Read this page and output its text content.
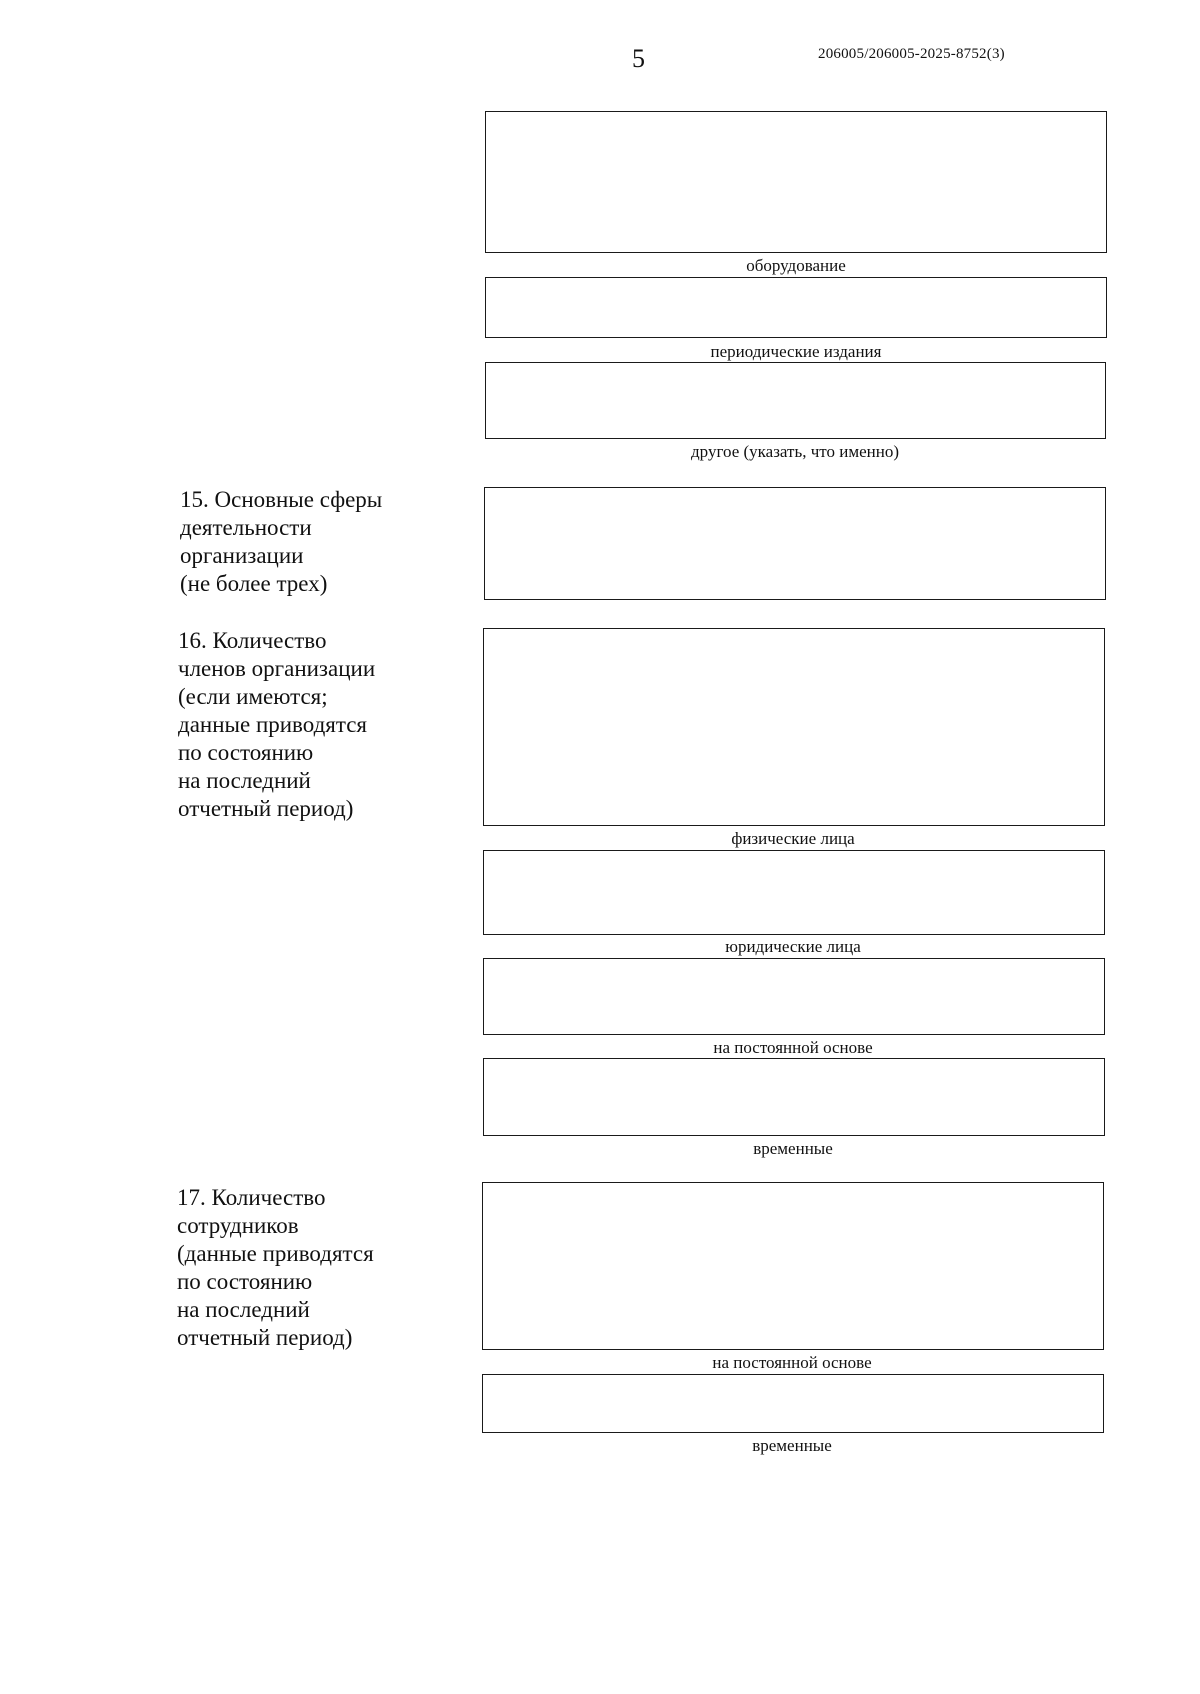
5	206005/206005-2025-8752(3)
оборудование
периодические издания
другое (указать, что именно)
15. Основные сферы
деятельности
организации
(не более трех)
16. Количество
членов организации
(если имеются;
данные приводятся
по состоянию
на последний
отчетный период)
физические лица
юридические лица
на постоянной основе
временные
17. Количество
сотрудников
(данные приводятся
по состоянию
на последний
отчетный период)
на постоянной основе
временные
